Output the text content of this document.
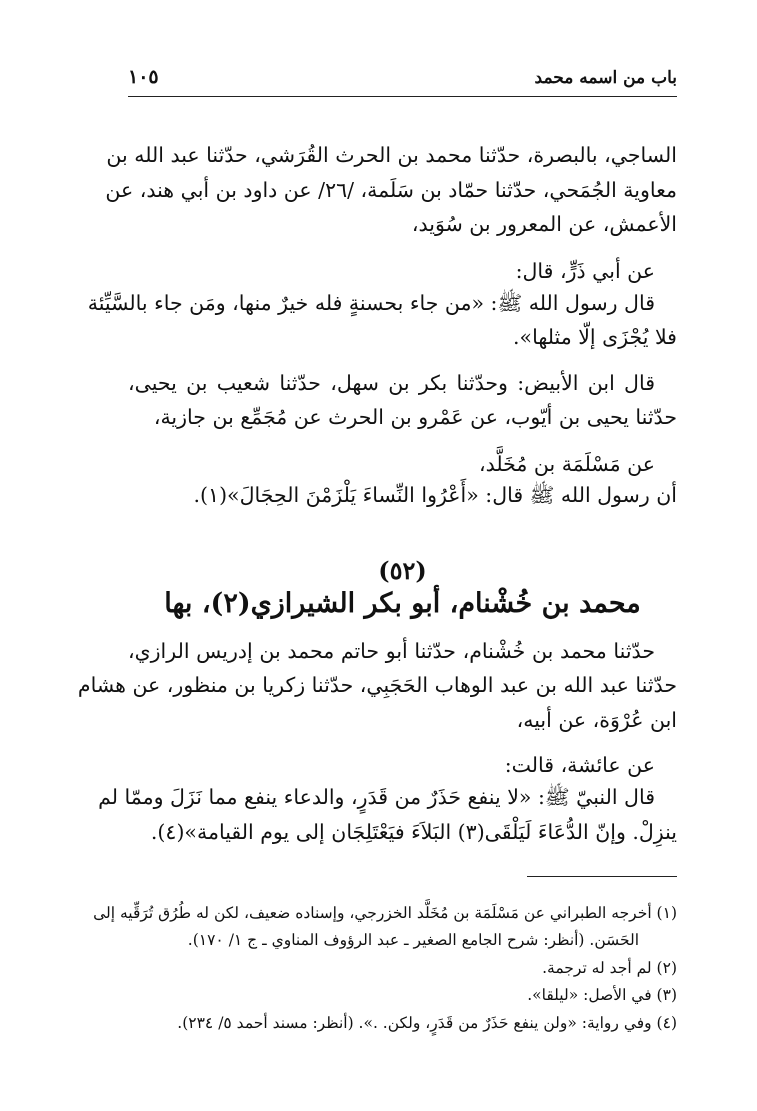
باب من اسمه محمد
١٠٥
الساجي، بالبصرة، حدّثنا محمد بن الحرث القُرَشي، حدّثنا عبد الله بن
معاوية الجُمَحي، حدّثنا حمّاد بن سَلَمة، /٢٦/ عن داود بن أبي هند، عن
الأعمش، عن المعرور بن سُوَيد،
عن أبي ذَرٍّ، قال:
قال رسول الله ﷺ: «من جاء بحسنةٍ فله خيرٌ منها، ومَن جاء بالسَّيِّئة
فلا يُجْزَى إلّا مثلها».
قال ابن الأبيض: وحدّثنا بكر بن سهل، حدّثنا شعيب بن يحيى،
حدّثنا يحيى بن أيّوب، عن عَمْرو بن الحرث عن مُجَمِّع بن جازية،
عن مَسْلَمَة بن مُخَلَّد،
أن رسول الله ﷺ قال: «أَعْرُوا النِّساءَ يَلْزَمْنَ الحِجَالَ»(١).
(٥٢)
محمد بن خُشْنام، أبو بكر الشيرازي(٢)، بها
حدّثنا محمد بن خُشْنام، حدّثنا أبو حاتم محمد بن إدريس الرازي،
حدّثنا عبد الله بن عبد الوهاب الحَجَبِي، حدّثنا زكريا بن منظور، عن هشام
ابن عُرْوَة، عن أبيه،
عن عائشة، قالت:
قال النبيّ ﷺ: «لا ينفع حَذَرٌ من قَدَرٍ، والدعاء ينفع مما نَزَلَ وممّا لم
ينزِلْ. وإنّ الدُّعَاءَ لَيَلْقَى(٣) البَلاَءَ فيَعْتَلِجَان إلى يوم القيامة»(٤).
(١) أخرجه الطبراني عن مَسْلَمَة بن مُخَلَّد الخزرجي، وإسناده ضعيف، لكن له طُرُق تُرَقِّيه إلى
الحَسَن. (أنظر: شرح الجامع الصغير ـ عبد الرؤوف المناوي ـ ج ١/ ١٧٠).
(٢) لم أجد له ترجمة.
(٣) في الأصل: «ليلقا».
(٤) وفي رواية: «ولن ينفع حَذَرٌ من قَدَرٍ، ولكن. .». (أنظر: مسند أحمد ٥/ ٢٣٤).
